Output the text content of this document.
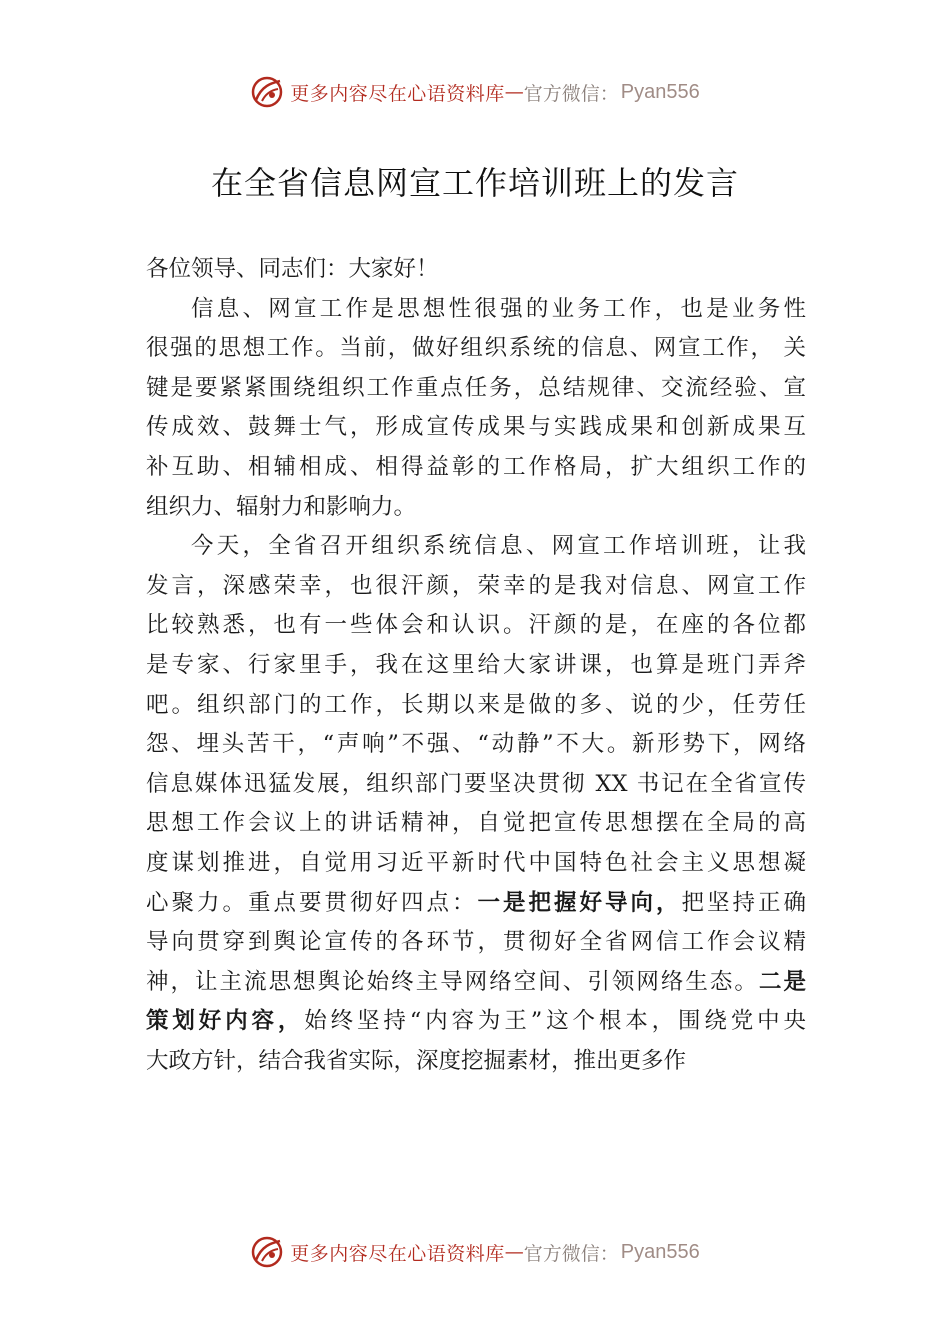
更多内容尽在心语资料库 — 官方微信： Pyan556
在全省信息网宣工作培训班上的发言
各位领导、同志们：大家好！
信息、网宣工作是思想性很强的业务工作，也是业务性
很强的思想工作。当前，做好组织系统的信息、网宣工作， 关
键是要紧紧围绕组织工作重点任务，总结规律、交流经验、宣
传成效、鼓舞士气，形成宣传成果与实践成果和创新成果互
补互助、相辅相成、相得益彰的工作格局，扩大组织工作的
组织力、辐射力和影响力。
今天，全省召开组织系统信息、网宣工作培训班，让我
发言，深感荣幸，也很汗颜，荣幸的是我对信息、网宣工作
比较熟悉，也有一些体会和认识。汗颜的是，在座的各位都
是专家、行家里手，我在这里给大家讲课，也算是班门弄斧
吧。组织部门的工作，长期以来是做的多、说的少，任劳任
怨、埋头苦干，“声响”不强、“动静”不大。新形势下，网络
信息媒体迅猛发展，组织部门要坚决贯彻 XX 书记在全省宣传
思想工作会议上的讲话精神，自觉把宣传思想摆在全局的高
度谋划推进，自觉用习近平新时代中国特色社会主义思想凝
心聚力。重点要贯彻好四点：一是把握好导向，把坚持正确
导向贯穿到舆论宣传的各环节，贯彻好全省网信工作会议精
神，让主流思想舆论始终主导网络空间、引领网络生态。二是
策划好内容，始终坚持“内容为王”这个根本，围绕党中央
大政方针，结合我省实际，深度挖掘素材，推出更多作
更多内容尽在心语资料库 — 官方微信： Pyan556
